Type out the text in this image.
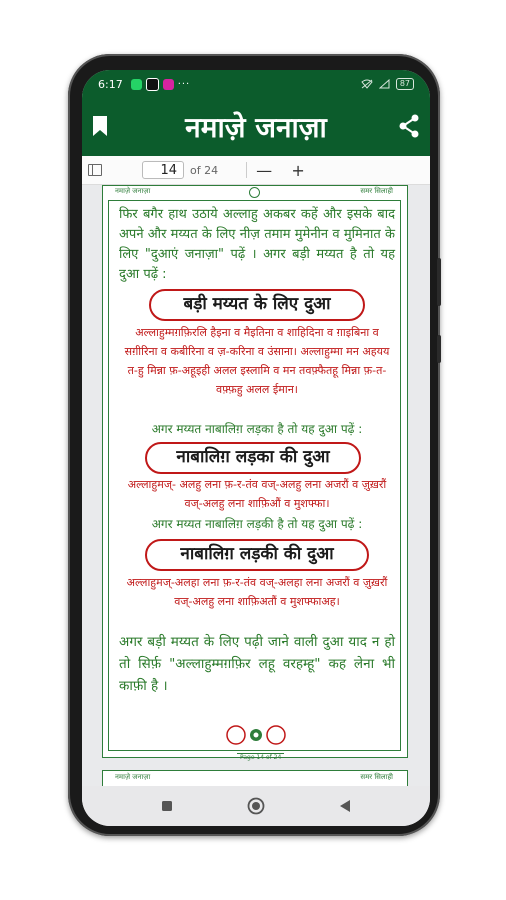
6:17	···	87
नमाज़े जनाज़ा
14
of 24	—	+
नमाज़े जनाज़ा	समर सिलाही
फिर बगैर हाथ उठाये अल्लाहु अकबर कहें और इसके बाद अपने और मय्यत के लिए नीज़ तमाम मुमेनीन व मुमिनात के लिए "दुआएं जनाज़ा" पढ़ें । अगर बड़ी मय्यत है तो यह दुआ पढ़ें :
बड़ी मय्यत के लिए दुआ
अल्लाहुम्मग़फ़िरलि हैइना व मैइतिना व शाहिदिना व ग़ाइबिना व सग़ीरिना व कबीरिना व ज़-करिना व उंसाना। अल्लाहुम्मा मन अहयय त-हु मिन्ना फ़-अहूइही अलल इस्लामि व मन तवफ़्फैतहू मिन्ना फ़-त-वफ़्फ़हु अलल ईमान।
अगर मय्यत नाबालिग़ लड़का है तो यह दुआ पढ़ें :
नाबालिग़ लड़का की दुआ
अल्लाहुमज्- अलहु लना फ़-र-तंव वज्-अलहु लना अजरौं व ज़ुख़रौं वज्-अलहु लना शाफ़िऔं व मुशफ्फा।
अगर मय्यत नाबालिग़ लड़की है तो यह दुआ पढ़ें :
नाबालिग़ लड़की की दुआ
अल्लाहुमज्-अलहा लना फ़-र-तंव वज्-अलहा लना अजरौं व ज़ुख़रौं वज्-अलहु लना शाफ़िअतौं व मुशफ्फाअह।
अगर बड़ी मय्यत के लिए पढ़ी जाने वाली दुआ याद न हो तो सिर्फ़ "अल्लाहुम्मग़फ़िर लहू वरहम्हू" कह लेना भी काफ़ी है ।
Page 14 of 24
नमाज़े जनाज़ा	समर सिलाही
